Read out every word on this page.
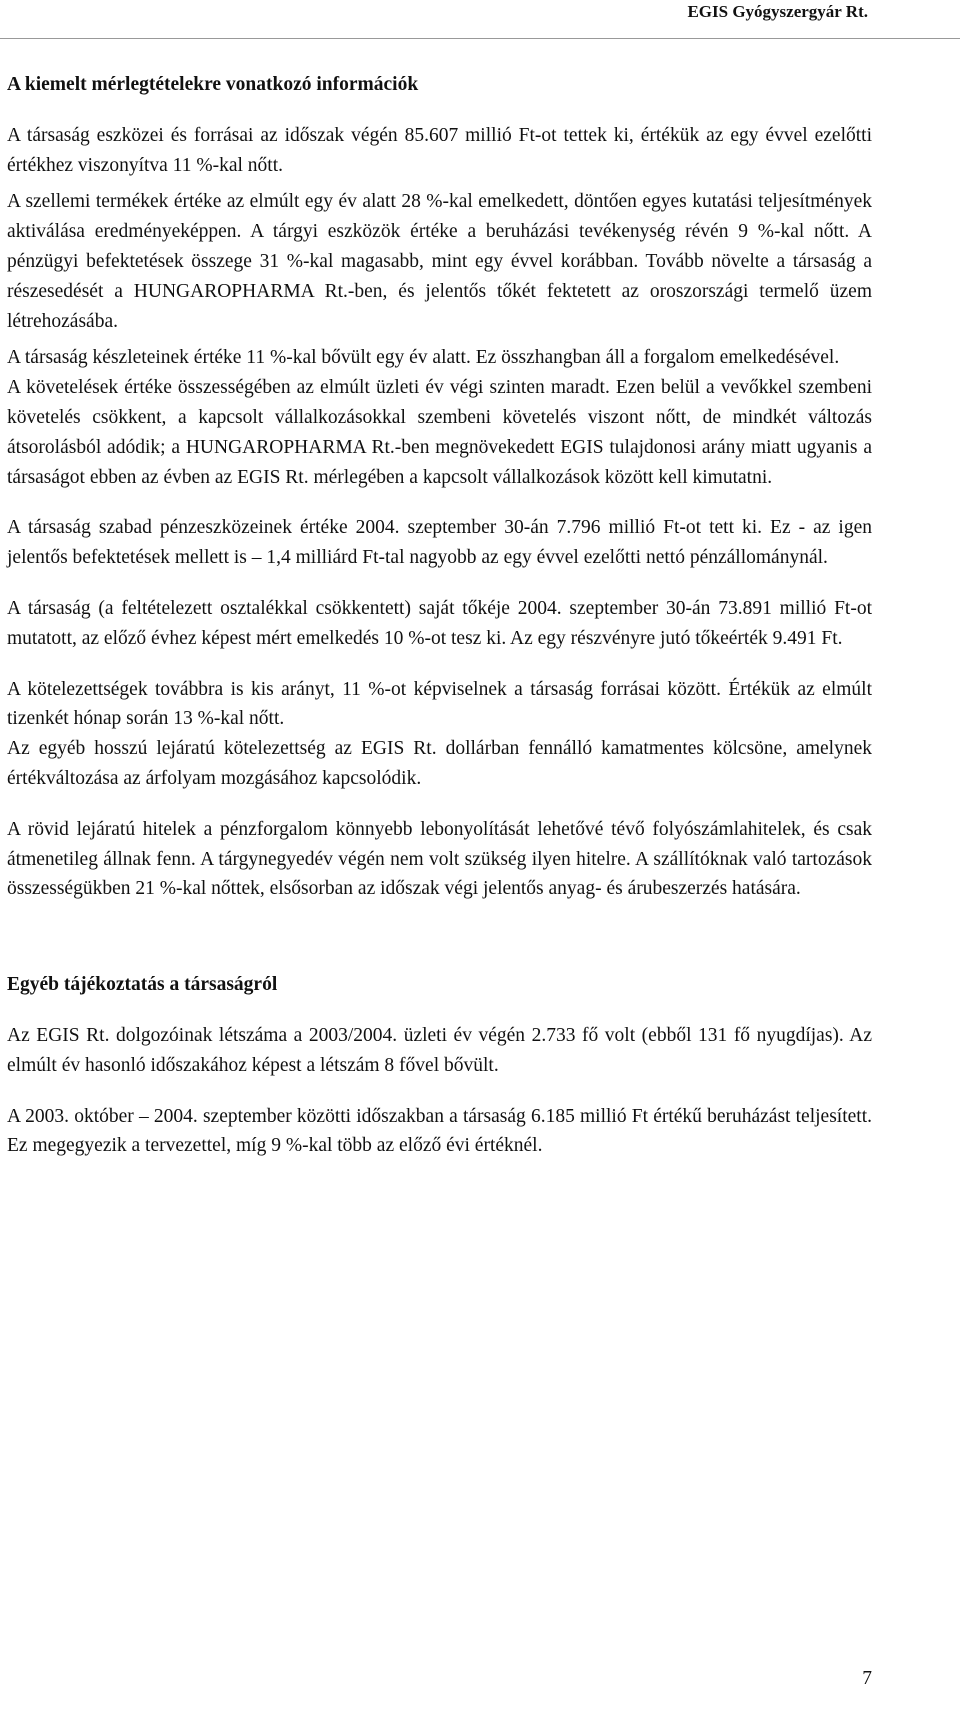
EGIS Gyógyszergyár Rt.
A kiemelt mérlegtételekre vonatkozó információk

A társaság eszközei és forrásai az időszak végén 85.607 millió Ft-ot tettek ki, értékük az egy évvel ezelőtti értékhez viszonyítva 11 %-kal nőtt.

A szellemi termékek értéke az elmúlt egy év alatt 28 %-kal emelkedett, döntően egyes kutatási teljesítmények aktiválása eredményeképpen. A tárgyi eszközök értéke a beruházási tevékenység révén 9 %-kal nőtt. A pénzügyi befektetések összege 31 %-kal magasabb, mint egy évvel korábban. Tovább növelte a társaság a részesedését a HUNGAROPHARMA Rt.-ben, és jelentős tőkét fektetett az oroszországi termelő üzem létrehozásába.

A társaság készleteinek értéke 11 %-kal bővült egy év alatt. Ez összhangban áll a forgalom emelkedésével.

A követelések értéke összességében az elmúlt üzleti év végi szinten maradt. Ezen belül a vevőkkel szembeni követelés csökkent, a kapcsolt vállalkozásokkal szembeni követelés viszont nőtt, de mindkét változás átsorolásból adódik; a HUNGAROPHARMA Rt.-ben megnövekedett EGIS tulajdonosi arány miatt ugyanis a társaságot ebben az évben az EGIS Rt. mérlegében a kapcsolt vállalkozások között kell kimutatni.

A társaság szabad pénzeszközeinek értéke 2004. szeptember 30-án 7.796 millió Ft-ot tett ki. Ez - az igen jelentős befektetések mellett is – 1,4 milliárd Ft-tal nagyobb az egy évvel ezelőtti nettó pénzállománynál.

A társaság (a feltételezett osztalékkal csökkentett) saját tőkéje 2004. szeptember 30-án 73.891 millió Ft-ot mutatott, az előző évhez képest mért emelkedés 10 %-ot tesz ki. Az egy részvényre jutó tőkeérték 9.491 Ft.

A kötelezettségek továbbra is kis arányt, 11 %-ot képviselnek a társaság forrásai között. Értékük az elmúlt tizenkét hónap során 13 %-kal nőtt.

Az egyéb hosszú lejáratú kötelezettség az EGIS Rt. dollárban fennálló kamatmentes kölcsöne, amelynek értékváltozása az árfolyam mozgásához kapcsolódik.

A rövid lejáratú hitelek a pénzforgalom könnyebb lebonyolítását lehetővé tévő folyószámlahitelek, és csak átmenetileg állnak fenn. A tárgynegyedév végén nem volt szükség ilyen hitelre. A szállítóknak való tartozások összességükben 21 %-kal nőttek, elsősorban az időszak végi jelentős anyag- és árubeszerzés hatására.

Egyéb tájékoztatás a társaságról

Az EGIS Rt. dolgozóinak létszáma a 2003/2004. üzleti év végén 2.733 fő volt (ebből 131 fő nyugdíjas). Az elmúlt év hasonló időszakához képest a létszám 8 fővel bővült.

A 2003. október – 2004. szeptember közötti időszakban a társaság 6.185 millió Ft értékű beruházást teljesített. Ez megegyezik a tervezettel, míg 9 %-kal több az előző évi értéknél.

7
